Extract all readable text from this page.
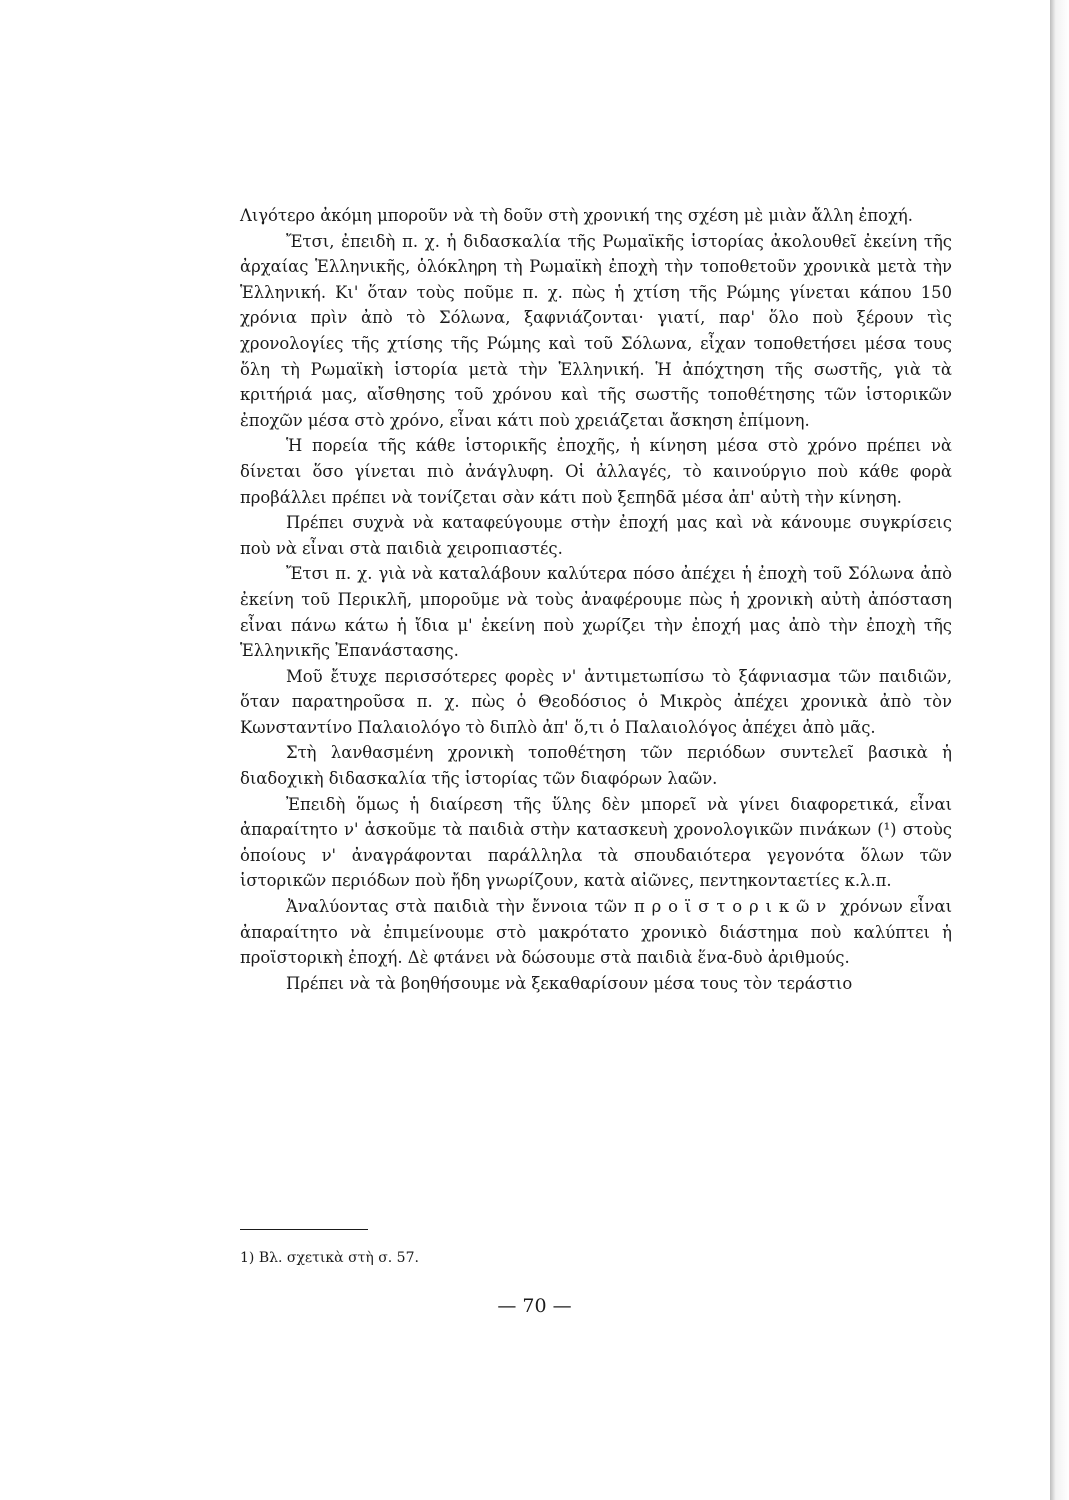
Λιγότερο ἀκόμη μποροῦν νὰ τὴ δοῦν στὴ χρονική της σχέση μὲ μιὰν ἄλλη ἐποχή.

Ἔτσι, ἐπειδὴ π. χ. ἡ διδασκαλία τῆς Ρωμαϊκῆς ἱστορίας ἀκολουθεῖ ἐκείνη τῆς ἀρχαίας Ἑλληνικῆς, ὁλόκληρη τὴ Ρωμαϊκὴ ἐποχὴ τὴν τοποθετοῦν χρονικὰ μετὰ τὴν Ἑλληνική. Κι' ὅταν τοὺς ποῦμε π. χ. πὼς ἡ χτίση τῆς Ρώμης γίνεται κάπου 150 χρόνια πρὶν ἀπὸ τὸ Σόλωνα, ξαφνιάζονται· γιατί, παρ' ὅλο ποὺ ξέρουν τὶς χρονολογίες τῆς χτίσης τῆς Ρώμης καὶ τοῦ Σόλωνα, εἶχαν τοποθετήσει μέσα τους ὅλη τὴ Ρωμαϊκὴ ἱστορία μετὰ τὴν Ἑλληνική. Ἡ ἀπόχτηση τῆς σωστῆς, γιὰ τὰ κριτήριά μας, αἴσθησης τοῦ χρόνου καὶ τῆς σωστῆς τοποθέτησης τῶν ἱστορικῶν ἐποχῶν μέσα στὸ χρόνο, εἶναι κάτι ποὺ χρειάζεται ἄσκηση ἐπίμονη.

Ἡ πορεία τῆς κάθε ἱστορικῆς ἐποχῆς, ἡ κίνηση μέσα στὸ χρόνο πρέπει νὰ δίνεται ὅσο γίνεται πιὸ ἀνάγλυφη. Οἱ ἀλλαγές, τὸ καινούργιο ποὺ κάθε φορὰ προβάλλει πρέπει νὰ τονίζεται σὰν κάτι ποὺ ξεπηδᾶ μέσα ἀπ' αὐτὴ τὴν κίνηση.

Πρέπει συχνὰ νὰ καταφεύγουμε στὴν ἐποχή μας καὶ νὰ κάνουμε συγκρίσεις ποὺ νὰ εἶναι στὰ παιδιὰ χειροπιαστές.

Ἔτσι π. χ. γιὰ νὰ καταλάβουν καλύτερα πόσο ἀπέχει ἡ ἐποχὴ τοῦ Σόλωνα ἀπὸ ἐκείνη τοῦ Περικλῆ, μποροῦμε νὰ τοὺς ἀναφέρουμε πὼς ἡ χρονικὴ αὐτὴ ἀπόσταση εἶναι πάνω κάτω ἡ ἴδια μ' ἐκείνη ποὺ χωρίζει τὴν ἐποχή μας ἀπὸ τὴν ἐποχὴ τῆς Ἑλληνικῆς Ἐπανάστασης.

Μοῦ ἔτυχε περισσότερες φορὲς ν' ἀντιμετωπίσω τὸ ξάφνιασμα τῶν παιδιῶν, ὅταν παρατηροῦσα π. χ. πὼς ὁ Θεοδόσιος ὁ Μικρὸς ἀπέχει χρονικὰ ἀπὸ τὸν Κωνσταντίνο Παλαιολόγο τὸ διπλὸ ἀπ' ὅ,τι ὁ Παλαιολόγος ἀπέχει ἀπὸ μᾶς.

Στὴ λανθασμένη χρονικὴ τοποθέτηση τῶν περιόδων συντελεῖ βασικὰ ἡ διαδοχικὴ διδασκαλία τῆς ἱστορίας τῶν διαφόρων λαῶν.

Ἐπειδὴ ὅμως ἡ διαίρεση τῆς ὕλης δὲν μπορεῖ νὰ γίνει διαφορετικά, εἶναι ἀπαραίτητο ν' ἀσκοῦμε τὰ παιδιὰ στὴν κατασκευὴ χρονολογικῶν πινάκων (¹) στοὺς ὁποίους ν' ἀναγράφονται παράλληλα τὰ σπουδαιότερα γεγονότα ὅλων τῶν ἱστορικῶν περιόδων ποὺ ἤδη γνωρίζουν, κατὰ αἰῶνες, πεντηκονταετίες κ.λ.π.

Ἀναλύοντας στὰ παιδιὰ τὴν ἔννοια τῶν προϊστορικῶν χρόνων εἶναι ἀπαραίτητο νὰ ἐπιμείνουμε στὸ μακρότατο χρονικὸ διάστημα ποὺ καλύπτει ἡ προϊστορικὴ ἐποχή. Δὲ φτάνει νὰ δώσουμε στὰ παιδιὰ ἕνα-δυὸ ἀριθμούς.

Πρέπει νὰ τὰ βοηθήσουμε νὰ ξεκαθαρίσουν μέσα τους τὸν τεράστιο

1) Βλ. σχετικὰ στὴ σ. 57.
— 70 —
